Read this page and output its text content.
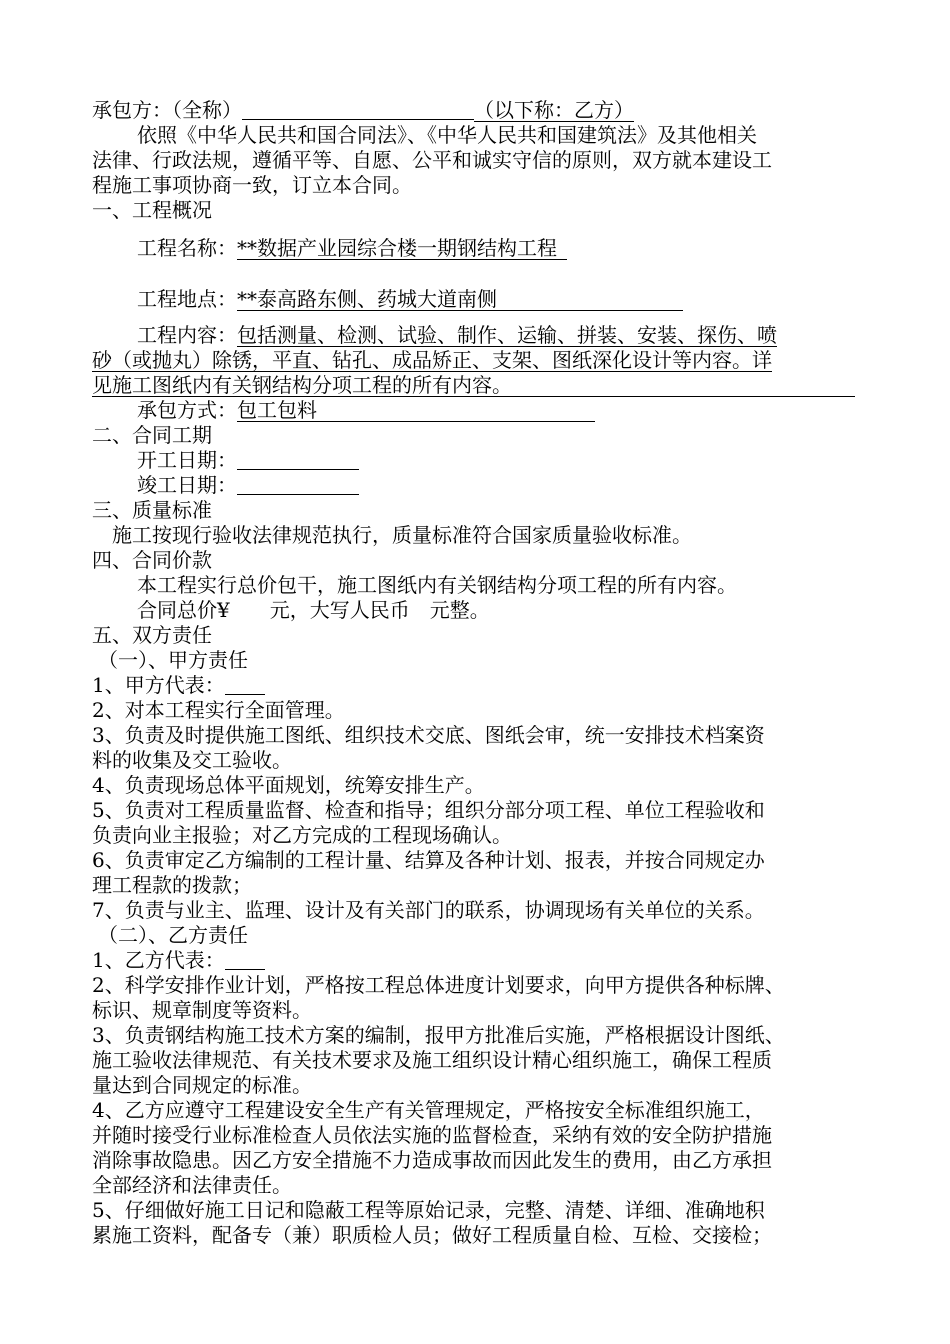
承包方：（全称）	（以下称：乙方）
依照《中华人民共和国合同法》、《中华人民共和国建筑法》及其他相关
法律、行政法规，遵循平等、自愿、公平和诚实守信的原则，双方就本建设工
程施工事项协商一致，订立本合同。
一、工程概况
工程名称：**数据产业园综合楼一期钢结构工程
工程地点：**泰高路东侧、药城大道南侧
工程内容：包括测量、检测、试验、制作、运输、拼装、安装、探伤、喷
砂（或抛丸）除锈，平直、钻孔、成品矫正、支架、图纸深化设计等内容。详
见施工图纸内有关钢结构分项工程的所有内容。
承包方式：包工包料
二、合同工期
开工日期：
竣工日期：
三、质量标准
施工按现行验收法律规范执行，质量标准符合国家质量验收标准。
四、合同价款
本工程实行总价包干，施工图纸内有关钢结构分项工程的所有内容。
合同总价¥　　元，大写人民币　元整。
五、双方责任
（一）、甲方责任
1、甲方代表：
2、对本工程实行全面管理。
3、负责及时提供施工图纸、组织技术交底、图纸会审，统一安排技术档案资
料的收集及交工验收。
4、负责现场总体平面规划，统筹安排生产。
5、负责对工程质量监督、检查和指导；组织分部分项工程、单位工程验收和
负责向业主报验；对乙方完成的工程现场确认。
6、负责审定乙方编制的工程计量、结算及各种计划、报表，并按合同规定办
理工程款的拨款；
7、负责与业主、监理、设计及有关部门的联系，协调现场有关单位的关系。
（二）、乙方责任
1、乙方代表：
2、科学安排作业计划，严格按工程总体进度计划要求，向甲方提供各种标牌、
标识、规章制度等资料。
3、负责钢结构施工技术方案的编制，报甲方批准后实施，严格根据设计图纸、
施工验收法律规范、有关技术要求及施工组织设计精心组织施工，确保工程质
量达到合同规定的标准。
4、乙方应遵守工程建设安全生产有关管理规定，严格按安全标准组织施工，
并随时接受行业标准检查人员依法实施的监督检查，采纳有效的安全防护措施
消除事故隐患。因乙方安全措施不力造成事故而因此发生的费用，由乙方承担
全部经济和法律责任。
5、仔细做好施工日记和隐蔽工程等原始记录，完整、清楚、详细、准确地积
累施工资料，配备专（兼）职质检人员；做好工程质量自检、互检、交接检；
